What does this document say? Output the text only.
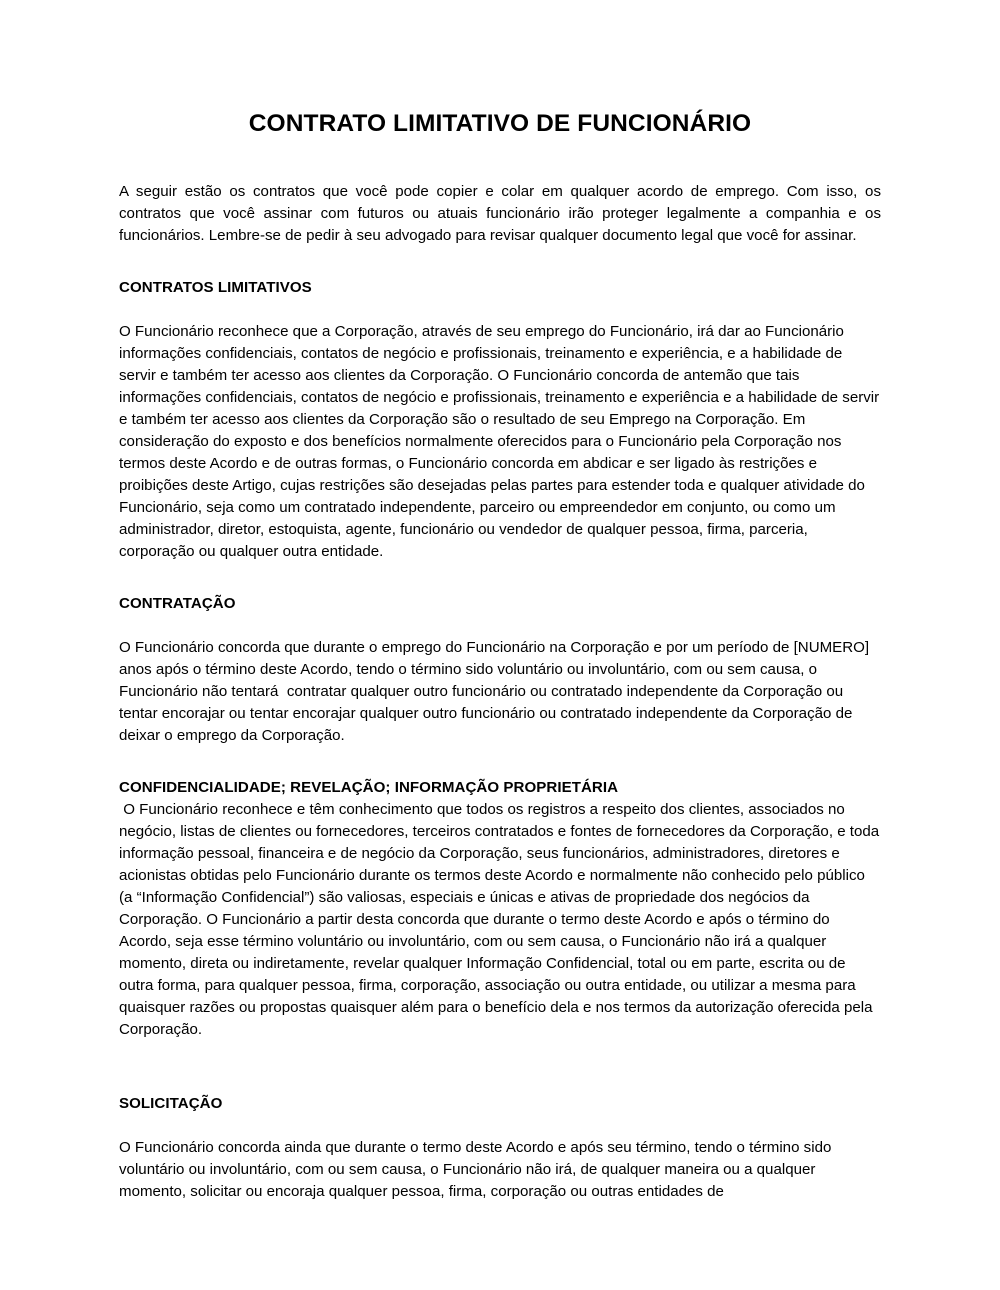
CONTRATO LIMITATIVO DE FUNCIONÁRIO

A seguir estão os contratos que você pode copier e colar em qualquer acordo de emprego. Com isso, os contratos que você assinar com futuros ou atuais funcionário irão proteger legalmente a companhia e os funcionários. Lembre-se de pedir à seu advogado para revisar qualquer documento legal que você for assinar.

CONTRATOS LIMITATIVOS

O Funcionário reconhece que a Corporação, através de seu emprego do Funcionário, irá dar ao Funcionário informações confidenciais, contatos de negócio e profissionais, treinamento e experiência, e a habilidade de servir e também ter acesso aos clientes da Corporação. O Funcionário concorda de antemão que tais informações confidenciais, contatos de negócio e profissionais, treinamento e experiência e a habilidade de servir e também ter acesso aos clientes da Corporação são o resultado de seu Emprego na Corporação. Em consideração do exposto e dos benefícios normalmente oferecidos para o Funcionário pela Corporação nos termos deste Acordo e de outras formas, o Funcionário concorda em abdicar e ser ligado às restrições e proibições deste Artigo, cujas restrições são desejadas pelas partes para estender toda e qualquer atividade do Funcionário, seja como um contratado independente, parceiro ou empreendedor em conjunto, ou como um administrador, diretor, estoquista, agente, funcionário ou vendedor de qualquer pessoa, firma, parceria, corporação ou qualquer outra entidade.

CONTRATAÇÃO

O Funcionário concorda que durante o emprego do Funcionário na Corporação e por um período de [NUMERO] anos após o término deste Acordo, tendo o término sido voluntário ou involuntário, com ou sem causa, o Funcionário não tentará  contratar qualquer outro funcionário ou contratado independente da Corporação ou tentar encorajar ou tentar encorajar qualquer outro funcionário ou contratado independente da Corporação de deixar o emprego da Corporação.

CONFIDENCIALIDADE; REVELAÇÃO; INFORMAÇÃO PROPRIETÁRIA

O Funcionário reconhece e têm conhecimento que todos os registros a respeito dos clientes, associados no negócio, listas de clientes ou fornecedores, terceiros contratados e fontes de fornecedores da Corporação, e toda informação pessoal, financeira e de negócio da Corporação, seus funcionários, administradores, diretores e acionistas obtidas pelo Funcionário durante os termos deste Acordo e normalmente não conhecido pelo público (a “Informação Confidencial”) são valiosas, especiais e únicas e ativas de propriedade dos negócios da Corporação. O Funcionário a partir desta concorda que durante o termo deste Acordo e após o término do Acordo, seja esse término voluntário ou involuntário, com ou sem causa, o Funcionário não irá a qualquer momento, direta ou indiretamente, revelar qualquer Informação Confidencial, total ou em parte, escrita ou de outra forma, para qualquer pessoa, firma, corporação, associação ou outra entidade, ou utilizar a mesma para quaisquer razões ou propostas quaisquer além para o benefício dela e nos termos da autorização oferecida pela Corporação.

SOLICITAÇÃO

O Funcionário concorda ainda que durante o termo deste Acordo e após seu término, tendo o término sido voluntário ou involuntário, com ou sem causa, o Funcionário não irá, de qualquer maneira ou a qualquer momento, solicitar ou encoraja qualquer pessoa, firma, corporação ou outras entidades de
